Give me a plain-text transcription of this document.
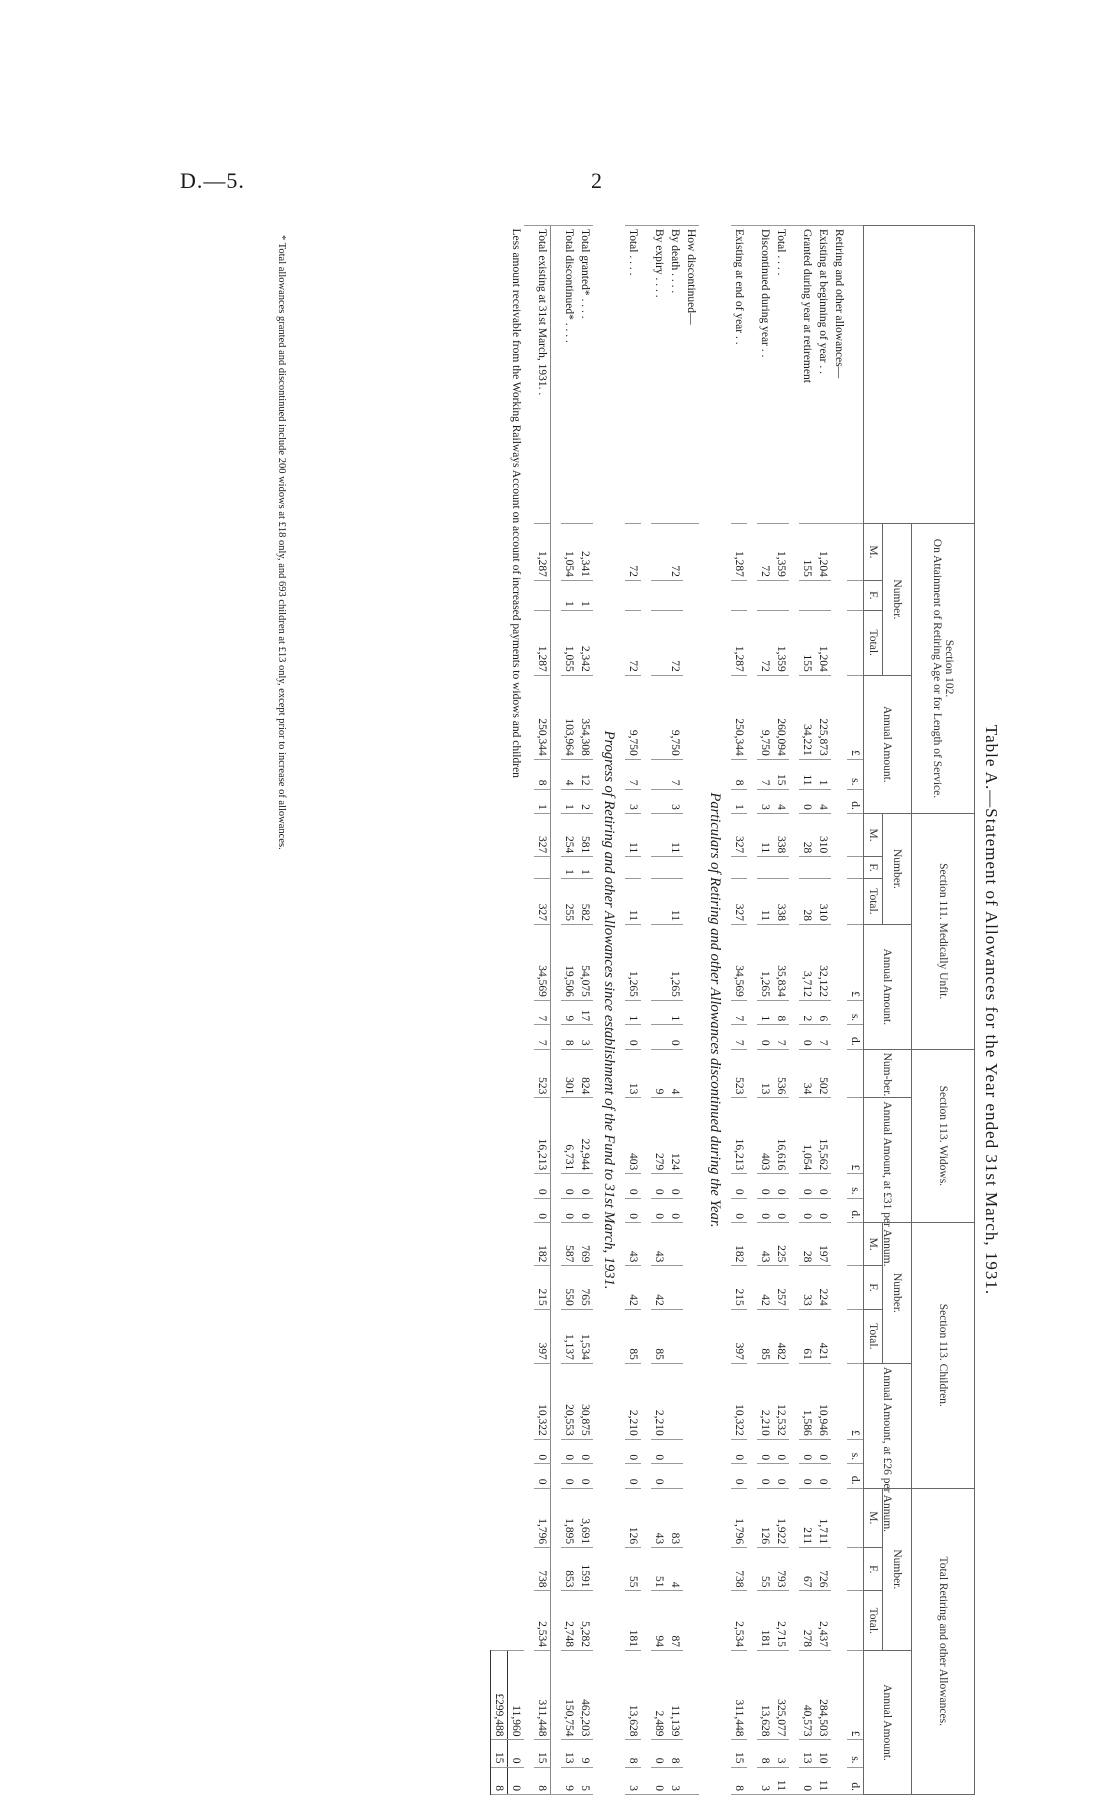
D.—5.	2
Table A.—Statement of Allowances for the Year ended 31st March, 1931.
	Section 102.
On Attainment of Retiring Age or for Length of Service.						Section 111. Medically Unfit.						Section 113. Widows.				Section 113. Children.						Total Retiring and other Allowances.					
	Number.			Annual Amount.			Number.			Annual Amount.			Num-ber.	Annual Amount, at £31 per Annum.			Number.			Annual Amount, at £26 per Annum.			Number.			Annual Amount.		
	M.	F.	Total.				M.	F.	Total.								M.	F.	Total.				M.	F.	Total.			
				£	s.	d.				£	s.	d.		£	s.	d.				£	s.	d.				£	s.	d.
Retiring and other allowances—																												
Existing at beginning of year . .	1,204		1,204	225,873	1	4	310		310	32,122	6	7	502	15,562	0	0	197	224	421	10,946	0	0	1,711	726	2,437	284,503	10	11
Granted during year at retirement	155		155	34,221	11	0	28		28	3,712	2	0	34	1,054	0	0	28	33	61	1,586	0	0	211	67	278	40,573	13	0

Total . . . .	1,359		1,359	260,094	15	4	338		338	35,834	8	7	536	16,616	0	0	225	257	482	12,532	0	0	1,922	793	2,715	325,077	3	11
Discontinued during year . .	72		72	9,750	7	3	11		11	1,265	1	0	13	403	0	0	43	42	85	2,210	0	0	126	55	181	13,628	8	3

Existing at end of year . .	1,287		1,287	250,344	8	1	327		327	34,569	7	7	523	16,213	0	0	182	215	397	10,322	0	0	1,796	738	2,534	311,448	15	8
Particulars of Retiring and other Allowances discontinued during the Year.																												
How discontinued—																												
By death . . . .	72		72	9,750	7	3	11		11	1,265	1	0	4	124	0	0							83	4	87	11,139	8	3
By expiry . . . .													9	279	0	0	43	42	85	2,210	0	0	43	51	94	2,489	0	0

Total . . . .	72		72	9,750	7	3	11		11	1,265	1	0	13	403	0	0	43	42	85	2,210	0	0	126	55	181	13,628	8	3
Progress of Retiring and other Allowances since establishment of the Fund to 31st March, 1931.																												
Total granted* . . . .	2,341	1	2,342	354,308	12	2	581	1	582	54,075	17	3	824	22,944	0	0	769	765	1,534	30,875	0	0	3,691	1591	5,282	462,203	9	5
Total discontinued* . . . .	1,054	1	1,055	103,964	4	1	254	1	255	19,506	9	8	301	6,731	0	0	587	550	1,137	20,553	0	0	1,895	853	2,748	150,754	13	9

Total existing at 31st March, 1931. .	1,287		1,287	250,344	8	1	327		327	34,569	7	7	523	16,213	0	0	182	215	397	10,322	0	0	1,796	738	2,534	311,448	15	8

Less amount receivable from the Working Railways Account on account of increased payments to widows and children																										11,960	0	0
																										£299,488	15	8
* Total allowances granted and discontinued include 200 widows at £18 only, and 693 children at £13 only, except prior to increase of allowances.
